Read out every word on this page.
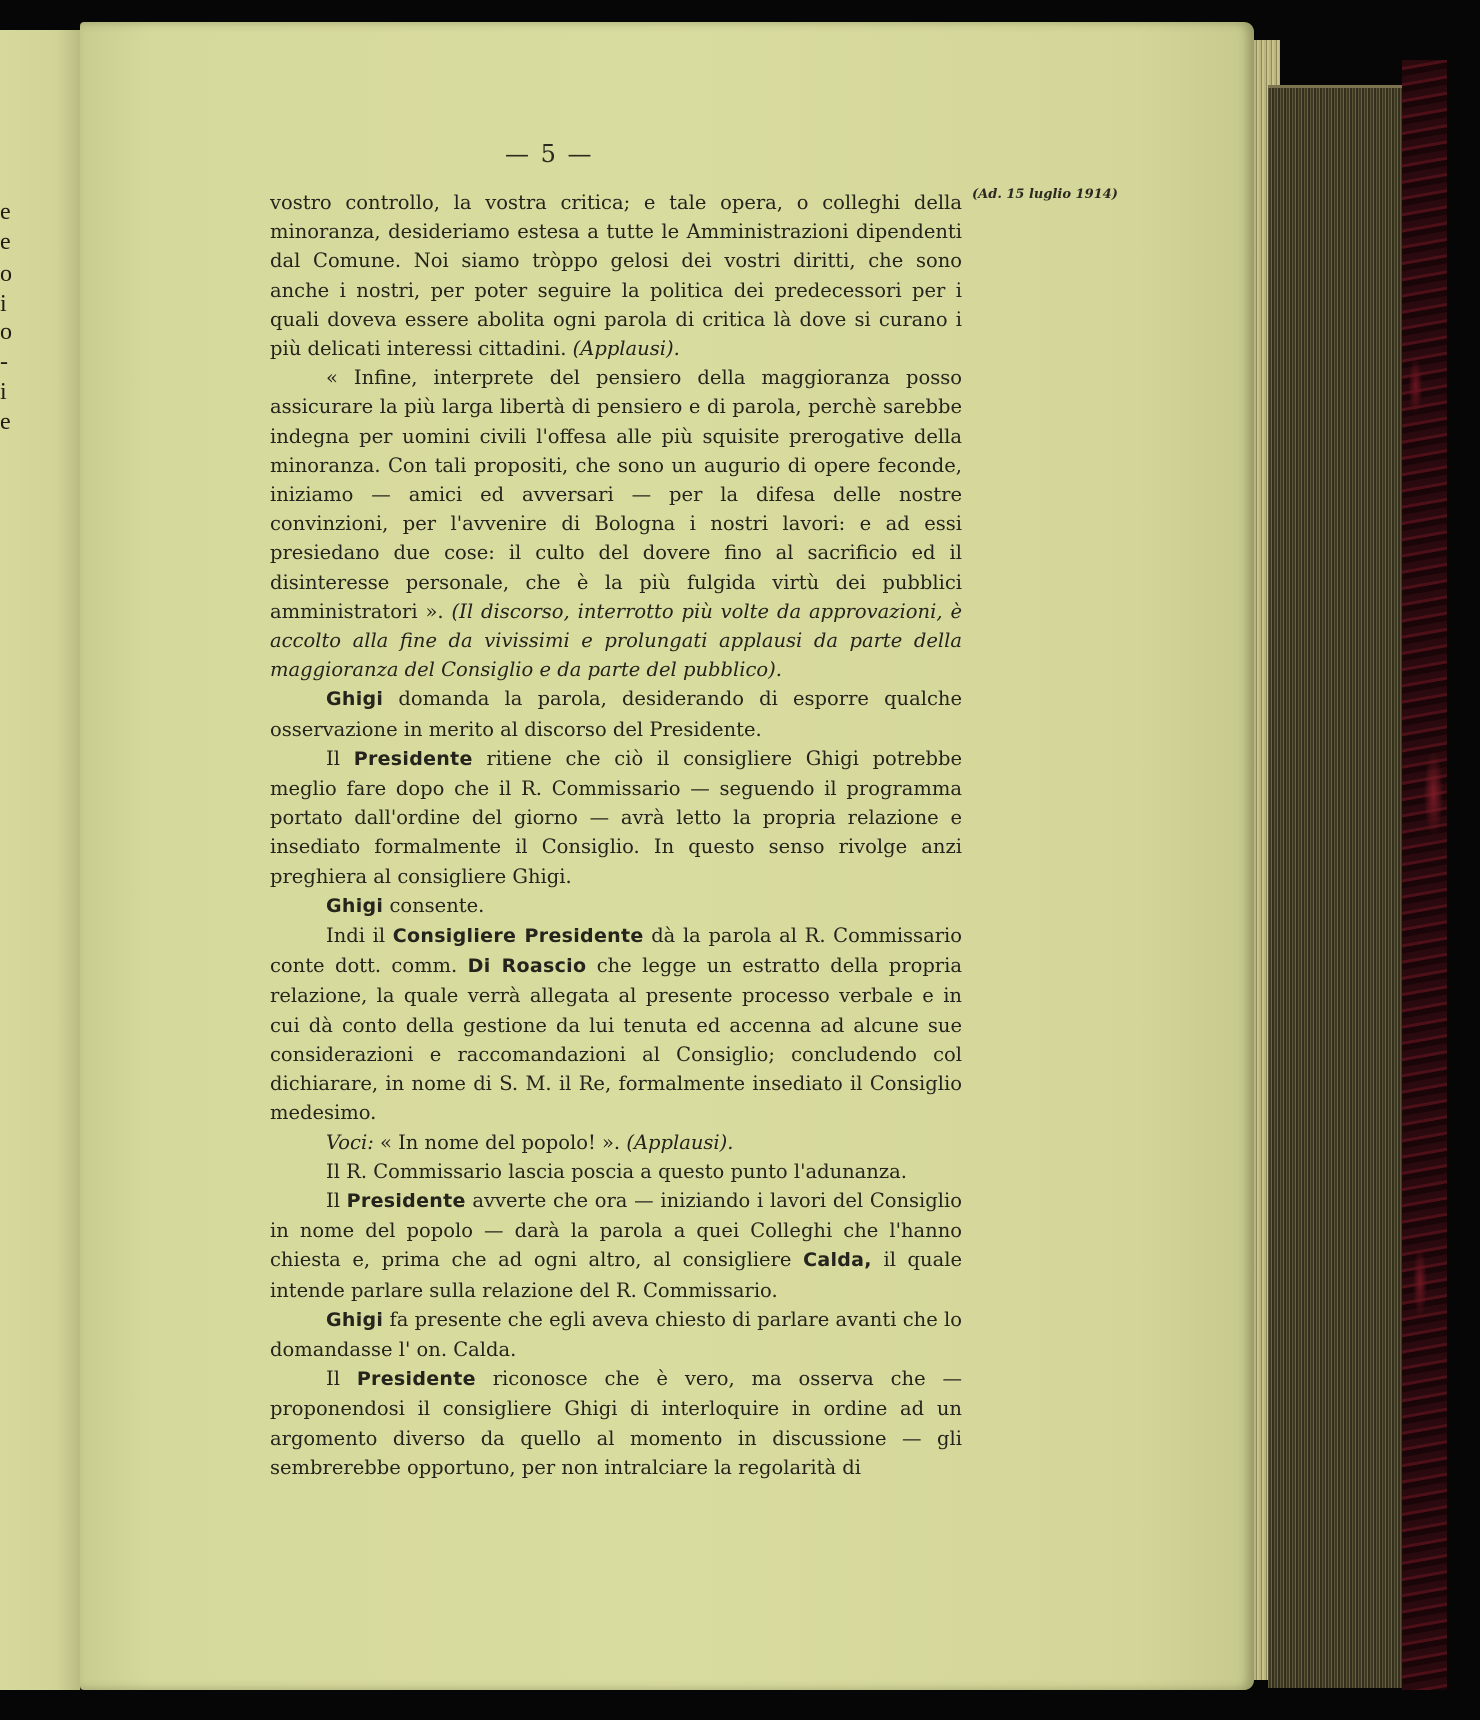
e
e
o
i
o
-
i
e
— 5 —
(Ad. 15 luglio 1914)

vostro controllo, la vostra critica; e tale opera, o colleghi della minoranza, desideriamo estesa a tutte le Amministrazioni dipendenti dal Comune. Noi siamo tròppo gelosi dei vostri diritti, che sono anche i nostri, per poter seguire la politica dei predecessori per i quali doveva essere abolita ogni parola di critica là dove si curano i più delicati interessi cittadini. (Applausi).

« Infine, interprete del pensiero della maggioranza posso assicurare la più larga libertà di pensiero e di parola, perchè sarebbe indegna per uomini civili l'offesa alle più squisite prerogative della minoranza. Con tali propositi, che sono un augurio di opere feconde, iniziamo — amici ed avversari — per la difesa delle nostre convinzioni, per l'avvenire di Bologna i nostri lavori: e ad essi presiedano due cose: il culto del dovere fino al sacrificio ed il disinteresse personale, che è la più fulgida virtù dei pubblici amministratori ». (Il discorso, interrotto più volte da approvazioni, è accolto alla fine da vivissimi e prolungati applausi da parte della maggioranza del Consiglio e da parte del pubblico).

Ghigi domanda la parola, desiderando di esporre qualche osservazione in merito al discorso del Presidente.

Il Presidente ritiene che ciò il consigliere Ghigi potrebbe meglio fare dopo che il R. Commissario — seguendo il programma portato dall'ordine del giorno — avrà letto la propria relazione e insediato formalmente il Consiglio. In questo senso rivolge anzi preghiera al consigliere Ghigi.

Ghigi consente.

Indi il Consigliere Presidente dà la parola al R. Commissario conte dott. comm. Di Roascio che legge un estratto della propria relazione, la quale verrà allegata al presente processo verbale e in cui dà conto della gestione da lui tenuta ed accenna ad alcune sue considerazioni e raccomandazioni al Consiglio; concludendo col dichiarare, in nome di S. M. il Re, formalmente insediato il Consiglio medesimo.

Voci: « In nome del popolo! ». (Applausi).

Il R. Commissario lascia poscia a questo punto l'adunanza.

Il Presidente avverte che ora — iniziando i lavori del Consiglio in nome del popolo — darà la parola a quei Colleghi che l'hanno chiesta e, prima che ad ogni altro, al consigliere Calda, il quale intende parlare sulla relazione del R. Commissario.

Ghigi fa presente che egli aveva chiesto di parlare avanti che lo domandasse l' on. Calda.

Il Presidente riconosce che è vero, ma osserva che — proponendosi il consigliere Ghigi di interloquire in ordine ad un argomento diverso da quello al momento in discussione — gli sembrerebbe opportuno, per non intralciare la regolarità di
